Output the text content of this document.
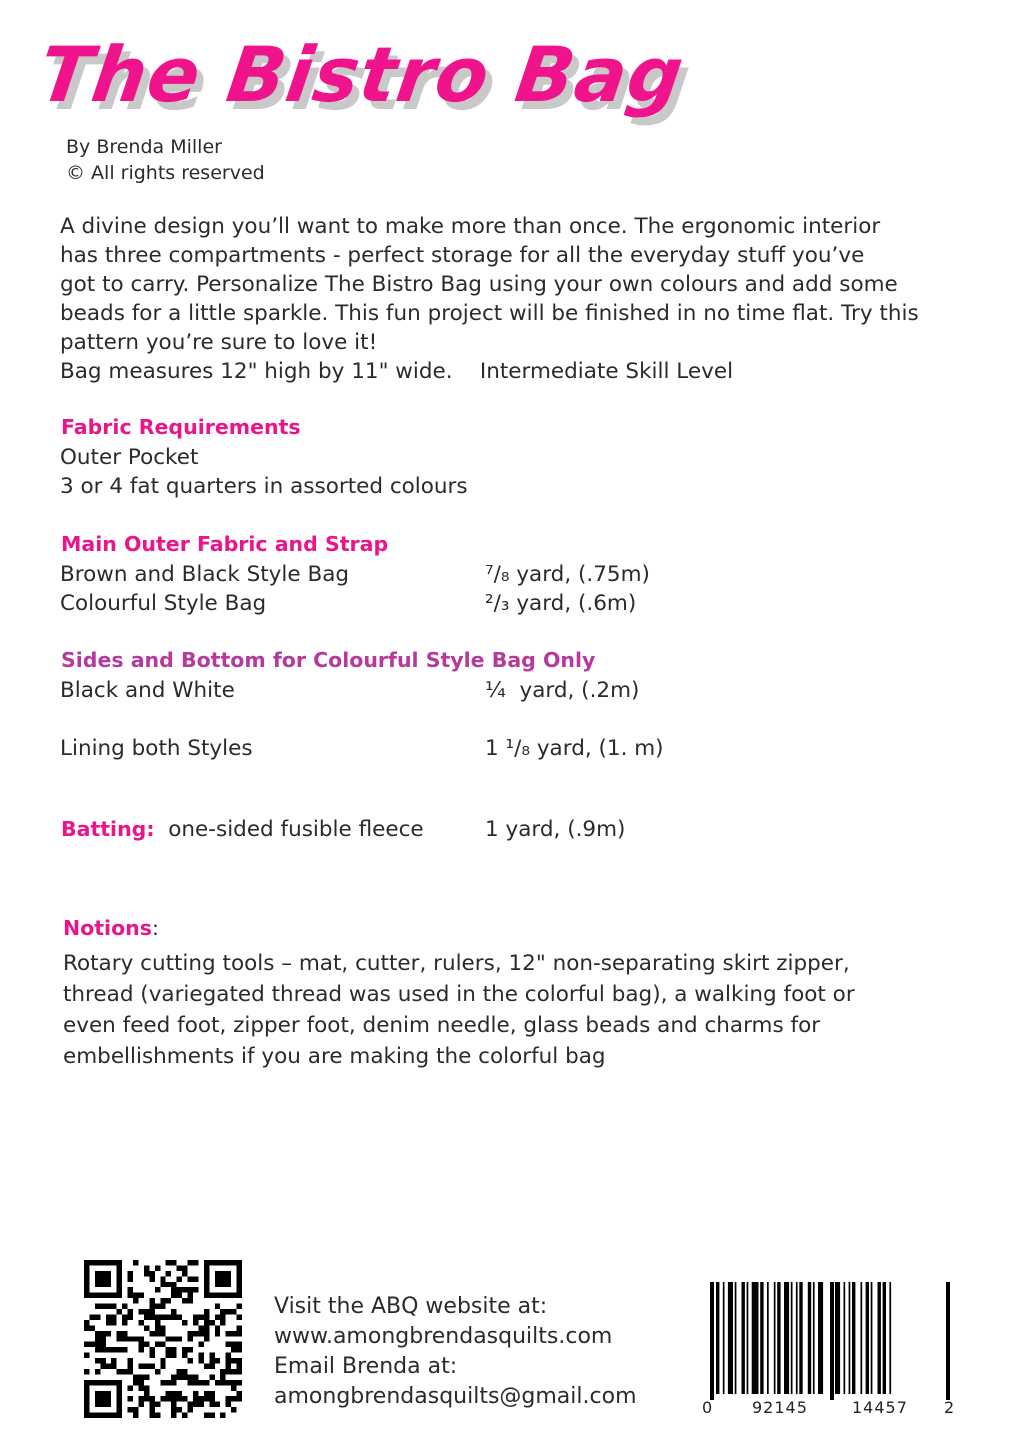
The Bistro Bag
By Brenda Miller
© All rights reserved

A divine design you’ll want to make more than once. The ergonomic interior

has three compartments - perfect storage for all the everyday stuff you’ve

got to carry. Personalize The Bistro Bag using your own colours and add some

beads for a little sparkle. This fun project will be finished in no time flat. Try this

pattern you’re sure to love it!

Bag measures 12" high by 11" wide.    Intermediate Skill Level

Fabric Requirements
Outer Pocket
3 or 4 fat quarters in assorted colours
Main Outer Fabric and Strap
Brown and Black Style Bag	⁷/₈ yard, (.75m)
Colourful Style Bag	²/₃ yard, (.6m)
Sides and Bottom for Colourful Style Bag Only
Black and White	¼  yard, (.2m)
Lining both Styles	1 ¹/₈ yard, (1. m)
Batting: one-sided fusible fleece	1 yard, (.9m)
Notions:
Rotary cutting tools – mat, cutter, rulers, 12" non-separating skirt zipper,
thread (variegated thread was used in the colorful bag), a walking foot or
even feed foot, zipper foot, denim needle, glass beads and charms for
embellishments if you are making the colorful bag
Visit the ABQ website at:
www.amongbrendasquilts.com
Email Brenda at:
amongbrendasquilts@gmail.com	0 92145	14457 2
